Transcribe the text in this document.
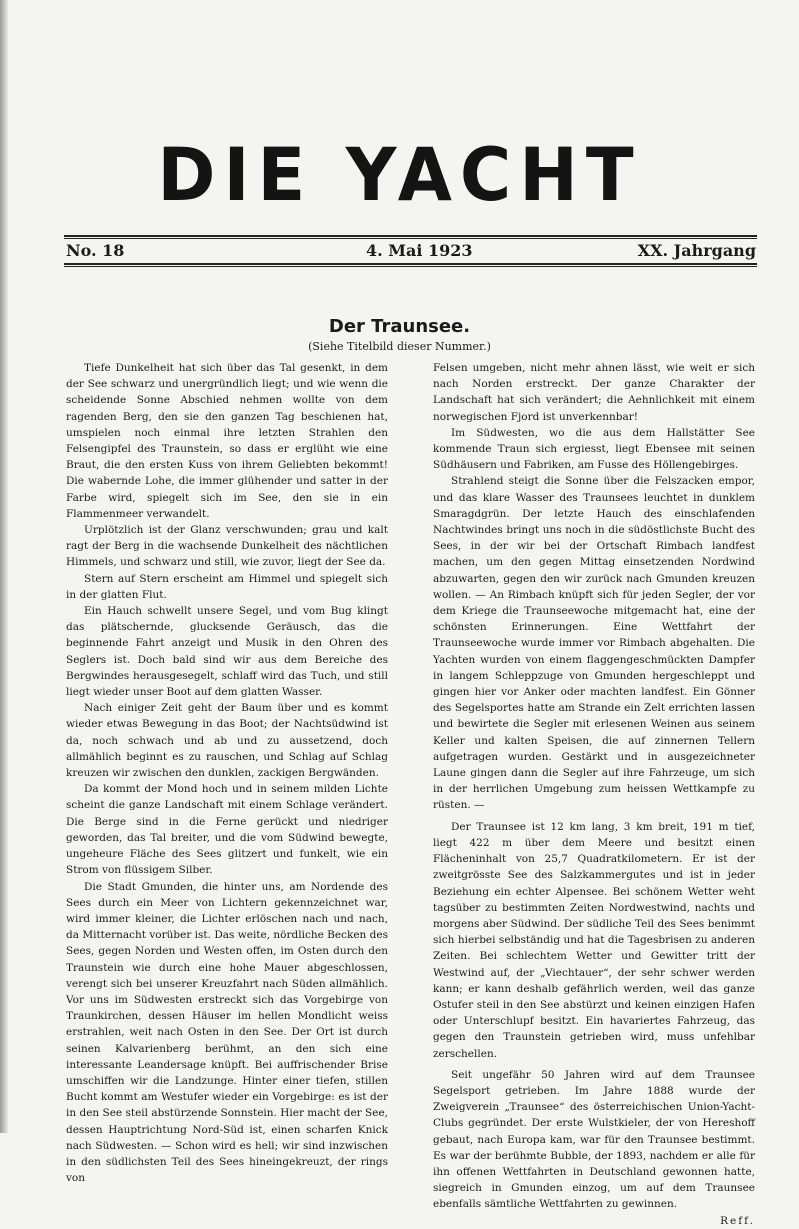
DIE YACHT
No. 18	4. Mai 1923	XX. Jahrgang
Der Traunsee.
(Siehe Titelbild dieser Nummer.)

Tiefe Dunkelheit hat sich über das Tal gesenkt, in dem der See schwarz und unergründlich liegt; und wie wenn die scheidende Sonne Abschied nehmen wollte von dem ragenden Berg, den sie den ganzen Tag beschienen hat, umspielen noch einmal ihre letzten Strahlen den Felsengipfel des Traunstein, so dass er erglüht wie eine Braut, die den ersten Kuss von ihrem Geliebten bekommt! Die wabernde Lohe, die immer glühender und satter in der Farbe wird, spiegelt sich im See, den sie in ein Flammenmeer verwandelt.

Urplötzlich ist der Glanz verschwunden; grau und kalt ragt der Berg in die wachsende Dunkelheit des nächtlichen Himmels, und schwarz und still, wie zuvor, liegt der See da.

Stern auf Stern erscheint am Himmel und spiegelt sich in der glatten Flut.

Ein Hauch schwellt unsere Segel, und vom Bug klingt das plätschernde, glucksende Geräusch, das die beginnende Fahrt anzeigt und Musik in den Ohren des Seglers ist. Doch bald sind wir aus dem Bereiche des Bergwindes herausgesegelt, schlaff wird das Tuch, und still liegt wieder unser Boot auf dem glatten Wasser.

Nach einiger Zeit geht der Baum über und es kommt wieder etwas Bewegung in das Boot; der Nachtsüdwind ist da, noch schwach und ab und zu aussetzend, doch allmählich beginnt es zu rauschen, und Schlag auf Schlag kreuzen wir zwischen den dunklen, zackigen Bergwänden.

Da kommt der Mond hoch und in seinem milden Lichte scheint die ganze Landschaft mit einem Schlage verändert. Die Berge sind in die Ferne gerückt und niedriger geworden, das Tal breiter, und die vom Südwind bewegte, ungeheure Fläche des Sees glitzert und funkelt, wie ein Strom von flüssigem Silber.

Die Stadt Gmunden, die hinter uns, am Nordende des Sees durch ein Meer von Lichtern gekennzeichnet war, wird immer kleiner, die Lichter erlöschen nach und nach, da Mitternacht vorüber ist. Das weite, nördliche Becken des Sees, gegen Norden und Westen offen, im Osten durch den Traunstein wie durch eine hohe Mauer abgeschlossen, verengt sich bei unserer Kreuzfahrt nach Süden allmählich. Vor uns im Südwesten erstreckt sich das Vorgebirge von Traunkirchen, dessen Häuser im hellen Mondlicht weiss erstrahlen, weit nach Osten in den See. Der Ort ist durch seinen Kalvarienberg berühmt, an den sich eine interessante Leandersage knüpft. Bei auffrischender Brise umschiffen wir die Landzunge. Hinter einer tiefen, stillen Bucht kommt am Westufer wieder ein Vorgebirge: es ist der in den See steil abstürzende Sonnstein. Hier macht der See, dessen Hauptrichtung Nord-Süd ist, einen scharfen Knick nach Südwesten. — Schon wird es hell; wir sind inzwischen in den südlichsten Teil des Sees hineingekreuzt, der rings von

Felsen umgeben, nicht mehr ahnen lässt, wie weit er sich nach Norden erstreckt. Der ganze Charakter der Landschaft hat sich verändert; die Aehnlichkeit mit einem norwegischen Fjord ist unverkennbar!

Im Südwesten, wo die aus dem Hallstätter See kommende Traun sich ergiesst, liegt Ebensee mit seinen Südhäusern und Fabriken, am Fusse des Höllengebirges.

Strahlend steigt die Sonne über die Felszacken empor, und das klare Wasser des Traunsees leuchtet in dunklem Smaragdgrün. Der letzte Hauch des einschlafenden Nachtwindes bringt uns noch in die südöstlichste Bucht des Sees, in der wir bei der Ortschaft Rimbach landfest machen, um den gegen Mittag einsetzenden Nordwind abzuwarten, gegen den wir zurück nach Gmunden kreuzen wollen. — An Rimbach knüpft sich für jeden Segler, der vor dem Kriege die Traunseewoche mitgemacht hat, eine der schönsten Erinnerungen. Eine Wettfahrt der Traunseewoche wurde immer vor Rimbach abgehalten. Die Yachten wurden von einem flaggengeschmückten Dampfer in langem Schleppzuge von Gmunden hergeschleppt und gingen hier vor Anker oder machten landfest. Ein Gönner des Segelsportes hatte am Strande ein Zelt errichten lassen und bewirtete die Segler mit erlesenen Weinen aus seinem Keller und kalten Speisen, die auf zinnernen Tellern aufgetragen wurden. Gestärkt und in ausgezeichneter Laune gingen dann die Segler auf ihre Fahrzeuge, um sich in der herrlichen Umgebung zum heissen Wettkampfe zu rüsten. —

Der Traunsee ist 12 km lang, 3 km breit, 191 m tief, liegt 422 m über dem Meere und besitzt einen Flächeninhalt von 25,7 Quadratkilometern. Er ist der zweitgrösste See des Salzkammergutes und ist in jeder Beziehung ein echter Alpensee. Bei schönem Wetter weht tagsüber zu bestimmten Zeiten Nordwestwind, nachts und morgens aber Südwind. Der südliche Teil des Sees benimmt sich hierbei selbständig und hat die Tagesbrisen zu anderen Zeiten. Bei schlechtem Wetter und Gewitter tritt der Westwind auf, der „Viechtauer“, der sehr schwer werden kann; er kann deshalb gefährlich werden, weil das ganze Ostufer steil in den See abstürzt und keinen einzigen Hafen oder Unterschlupf besitzt. Ein havariertes Fahrzeug, das gegen den Traunstein getrieben wird, muss unfehlbar zerschellen.

Seit ungefähr 50 Jahren wird auf dem Traunsee Segelsport getrieben. Im Jahre 1888 wurde der Zweigverein „Traunsee“ des österreichischen Union-Yacht-Clubs gegründet. Der erste Wulstkieler, der von Hereshoff gebaut, nach Europa kam, war für den Traunsee bestimmt. Es war der berühmte Bubble, der 1893, nachdem er alle für ihn offenen Wettfahrten in Deutschland gewonnen hatte, siegreich in Gmunden einzog, um auf dem Traunsee ebenfalls sämtliche Wettfahrten zu gewinnen.

Reff.
